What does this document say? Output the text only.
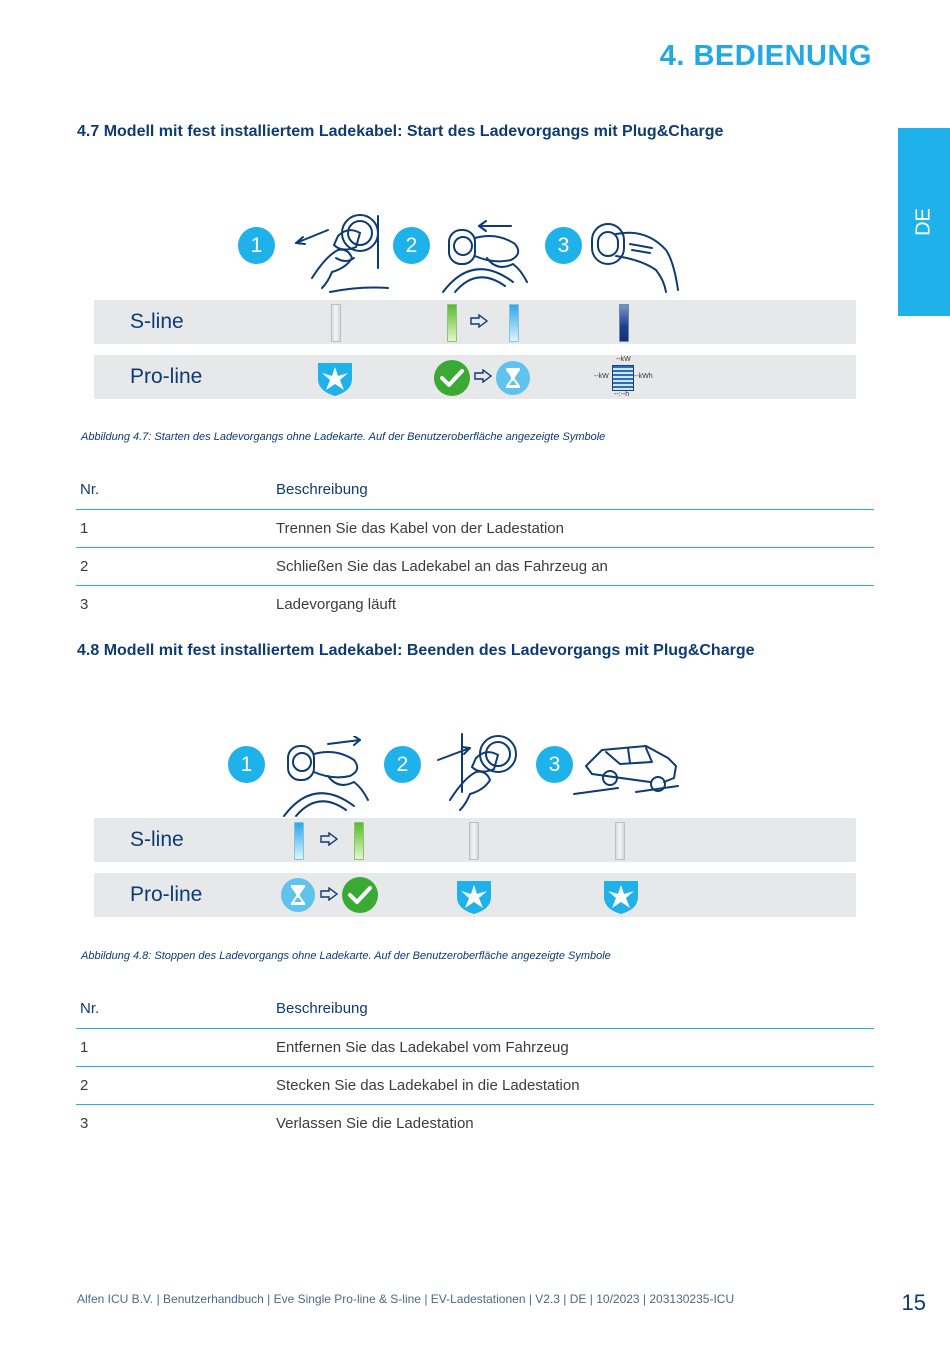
4. BEDIENUNG
DE
4.7 Modell mit fest installiertem Ladekabel: Start des Ladevorgangs mit Plug&Charge
1	2	3
S-line
Pro-line
--kW
--kW	--kWh
--:--h
Abbildung 4.7: Starten des Ladevorgangs ohne Ladekarte. Auf der Benutzeroberfläche angezeigte Symbole
Nr.	Beschreibung
1	Trennen Sie das Kabel von der Ladestation
2	Schließen Sie das Ladekabel an das Fahrzeug an
3	Ladevorgang läuft
4.8 Modell mit fest installiertem Ladekabel: Beenden des Ladevorgangs mit Plug&Charge
1	2	3
S-line
Pro-line
Abbildung 4.8: Stoppen des Ladevorgangs ohne Ladekarte. Auf der Benutzeroberfläche angezeigte Symbole
Nr.	Beschreibung
1	Entfernen Sie das Ladekabel vom Fahrzeug
2	Stecken Sie das Ladekabel in die Ladestation
3	Verlassen Sie die Ladestation
Alfen ICU B.V. | Benutzerhandbuch | Eve Single Pro-line & S-line | EV-Ladestationen | V2.3 | DE | 10/2023 | 203130235-ICU	15
